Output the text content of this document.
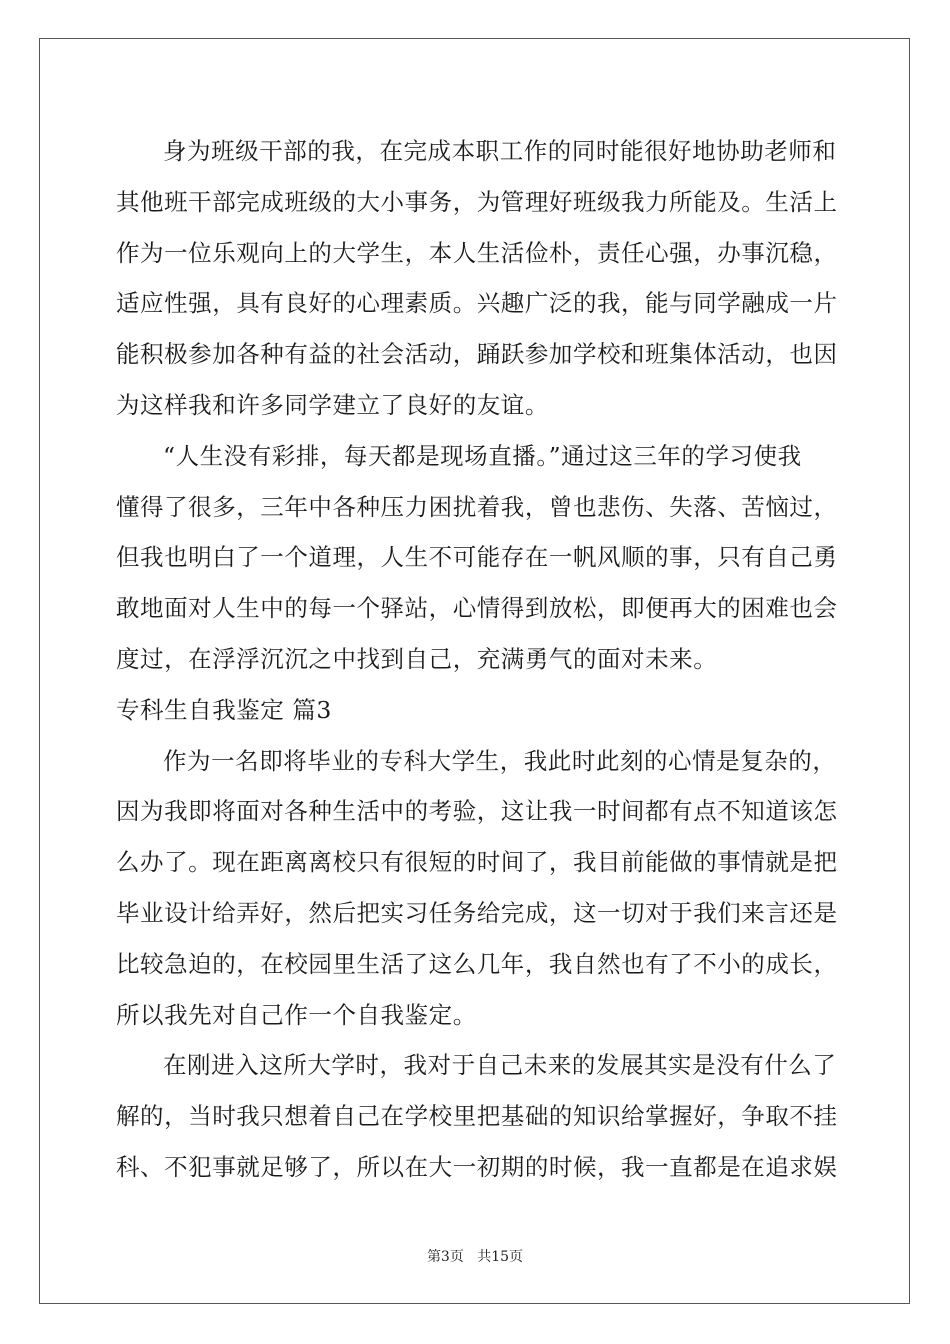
身为班级干部的我，在完成本职工作的同时能很好地协助老师和
其他班干部完成班级的大小事务，为管理好班级我力所能及。生活上
作为一位乐观向上的大学生，本人生活俭朴，责任心强，办事沉稳，
适应性强，具有良好的心理素质。兴趣广泛的我，能与同学融成一片
能积极参加各种有益的社会活动，踊跃参加学校和班集体活动，也因
为这样我和许多同学建立了良好的友谊。
“人生没有彩排，每天都是现场直播。”通过这三年的学习使我
懂得了很多，三年中各种压力困扰着我，曾也悲伤、失落、苦恼过，
但我也明白了一个道理，人生不可能存在一帆风顺的事，只有自己勇
敢地面对人生中的每一个驿站，心情得到放松，即便再大的困难也会
度过，在浮浮沉沉之中找到自己，充满勇气的面对未来。
专科生自我鉴定 篇3
作为一名即将毕业的专科大学生，我此时此刻的心情是复杂的，
因为我即将面对各种生活中的考验，这让我一时间都有点不知道该怎
么办了。现在距离离校只有很短的时间了，我目前能做的事情就是把
毕业设计给弄好，然后把实习任务给完成，这一切对于我们来言还是
比较急迫的，在校园里生活了这么几年，我自然也有了不小的成长，
所以我先对自己作一个自我鉴定。
在刚进入这所大学时，我对于自己未来的发展其实是没有什么了
解的，当时我只想着自己在学校里把基础的知识给掌握好，争取不挂
科、不犯事就足够了，所以在大一初期的时候，我一直都是在追求娱
第3页 共15页
